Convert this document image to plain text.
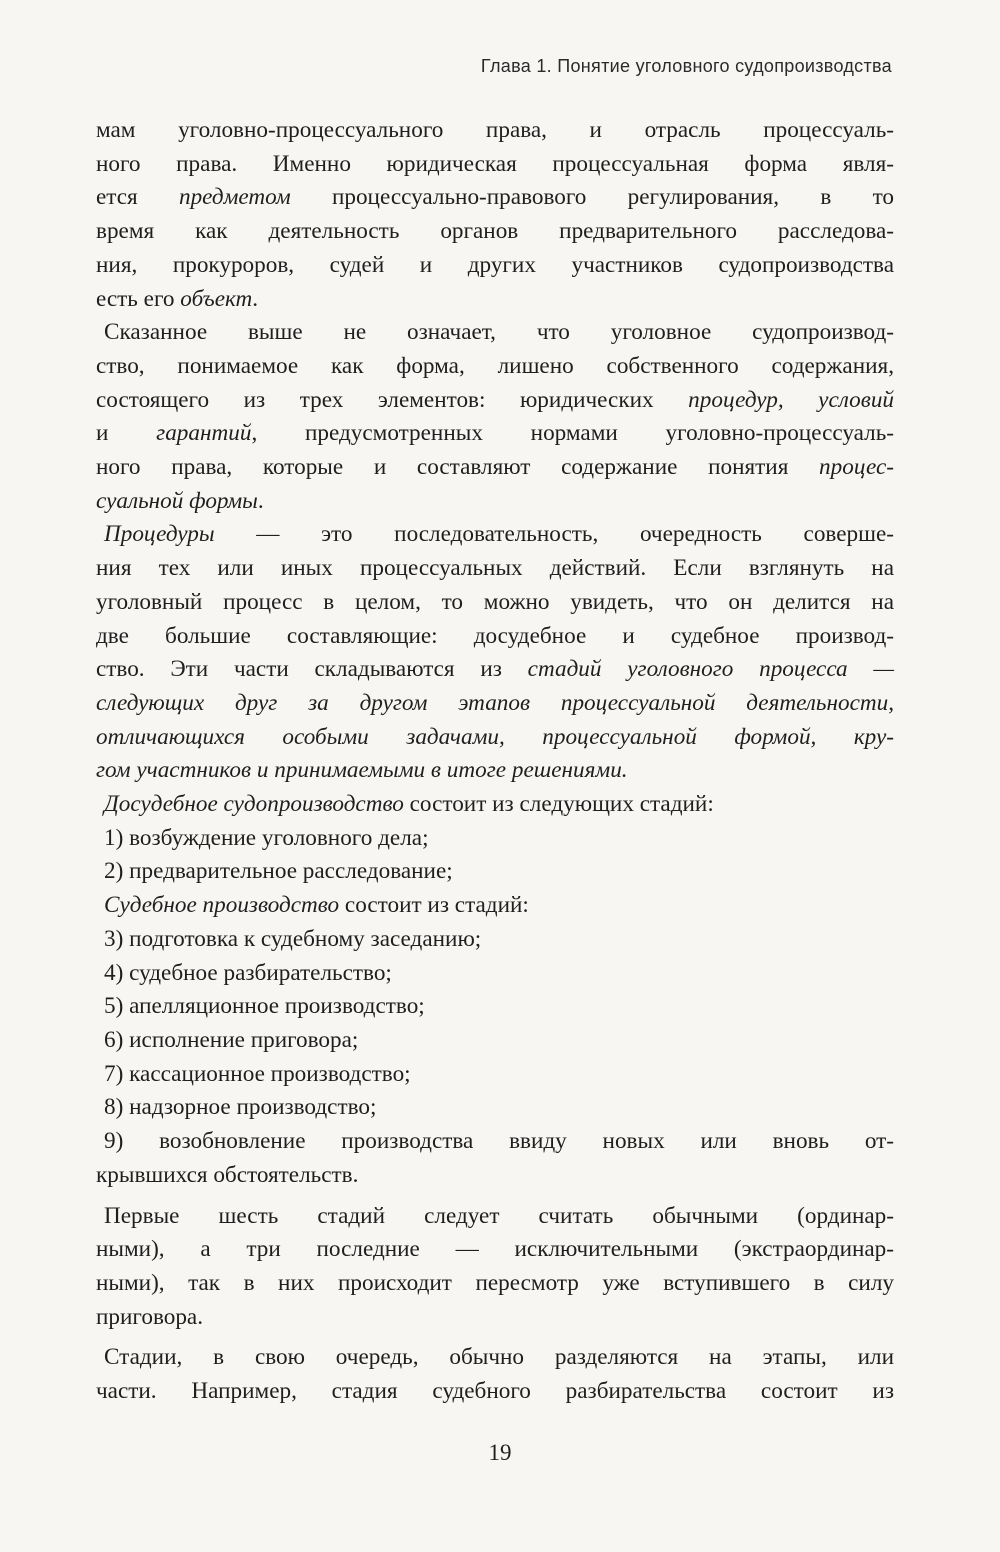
Глава 1. Понятие уголовного судопроизводства
мам уголовно-процессуального права, и отрасль процессуаль-
ного права. Именно юридическая процессуальная форма явля-
ется предметом процессуально-правового регулирования, в то
время как деятельность органов предварительного расследова-
ния, прокуроров, судей и других участников судопроизводства
есть его объект.
Сказанное выше не означает, что уголовное судопроизвод-
ство, понимаемое как форма, лишено собственного содержания,
состоящего из трех элементов: юридических процедур, условий
и гарантий, предусмотренных нормами уголовно-процессуаль-
ного права, которые и составляют содержание понятия процес-
суальной формы.
Процедуры — это последовательность, очередность соверше-
ния тех или иных процессуальных действий. Если взглянуть на
уголовный процесс в целом, то можно увидеть, что он делится на
две большие составляющие: досудебное и судебное производ-
ство. Эти части складываются из стадий уголовного процесса —
следующих друг за другом этапов процессуальной деятельности,
отличающихся особыми задачами, процессуальной формой, кру-
гом участников и принимаемыми в итоге решениями.
Досудебное судопроизводство состоит из следующих стадий:
1) возбуждение уголовного дела;
2) предварительное расследование;
Судебное производство состоит из стадий:
3) подготовка к судебному заседанию;
4) судебное разбирательство;
5) апелляционное производство;
6) исполнение приговора;
7) кассационное производство;
8) надзорное производство;
9) возобновление производства ввиду новых или вновь от-
крывшихся обстоятельств.
Первые шесть стадий следует считать обычными (ординар-
ными), а три последние — исключительными (экстраординар-
ными), так в них происходит пересмотр уже вступившего в силу
приговора.
Стадии, в свою очередь, обычно разделяются на этапы, или
части. Например, стадия судебного разбирательства состоит из
19
